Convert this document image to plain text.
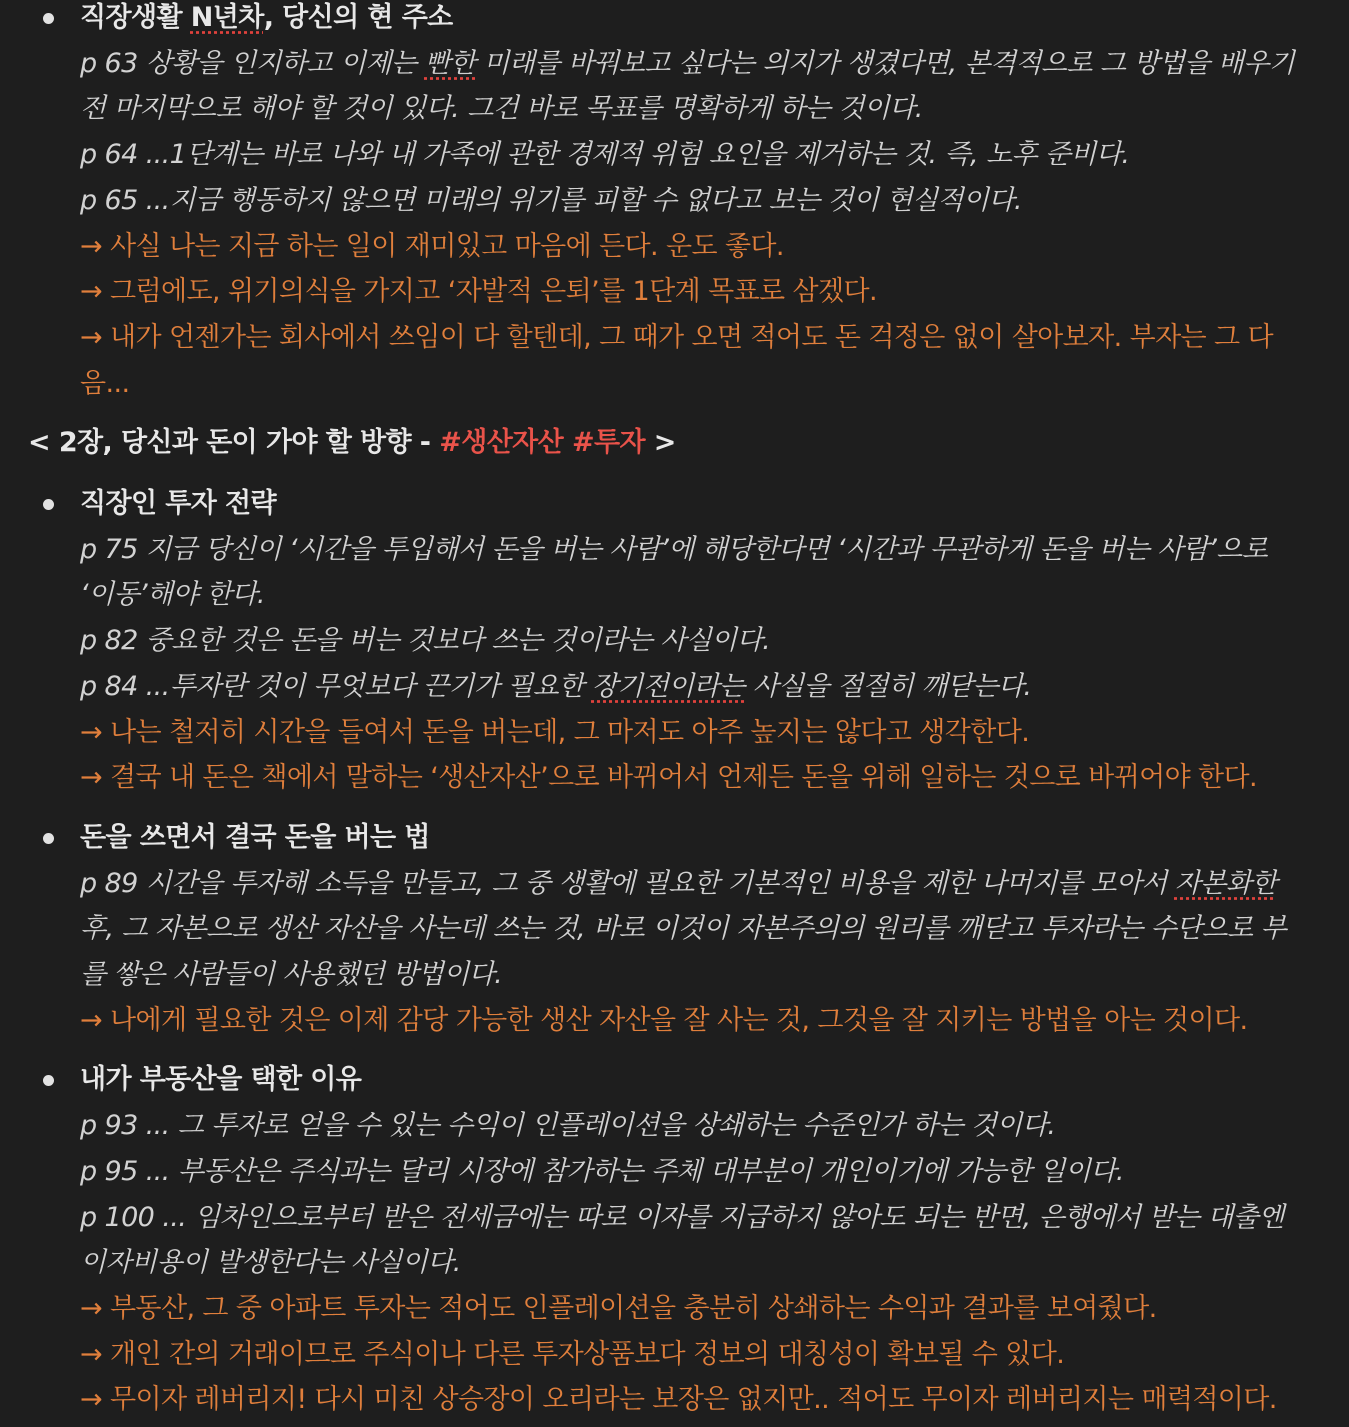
직장생활 N년차, 당신의 현 주소
p 63 상황을 인지하고 이제는 빤한 미래를 바꿔보고 싶다는 의지가 생겼다면, 본격적으로 그 방법을 배우기
전 마지막으로 해야 할 것이 있다. 그건 바로 목표를 명확하게 하는 것이다.
p 64 ...1단계는 바로 나와 내 가족에 관한 경제적 위험 요인을 제거하는 것. 즉, 노후 준비다.
p 65 ...지금 행동하지 않으면 미래의 위기를 피할 수 없다고 보는 것이 현실적이다.
→ 사실 나는 지금 하는 일이 재미있고 마음에 든다. 운도 좋다.
→ 그럼에도, 위기의식을 가지고 ‘자발적 은퇴’를 1단계 목표로 삼겠다.
→ 내가 언젠가는 회사에서 쓰임이 다 할텐데, 그 때가 오면 적어도 돈 걱정은 없이 살아보자. 부자는 그 다
음...
< 2장, 당신과 돈이 가야 할 방향 - #생산자산 #투자 >
직장인 투자 전략
p 75 지금 당신이 ‘시간을 투입해서 돈을 버는 사람’에 해당한다면 ‘시간과 무관하게 돈을 버는 사람’으로
‘이동’해야 한다.
p 82 중요한 것은 돈을 버는 것보다 쓰는 것이라는 사실이다.
p 84 ...투자란 것이 무엇보다 끈기가 필요한 장기전이라는 사실을 절절히 깨닫는다.
→ 나는 철저히 시간을 들여서 돈을 버는데, 그 마저도 아주 높지는 않다고 생각한다.
→ 결국 내 돈은 책에서 말하는 ‘생산자산’으로 바뀌어서 언제든 돈을 위해 일하는 것으로 바뀌어야 한다.
돈을 쓰면서 결국 돈을 버는 법
p 89 시간을 투자해 소득을 만들고, 그 중 생활에 필요한 기본적인 비용을 제한 나머지를 모아서 자본화한
후, 그 자본으로 생산 자산을 사는데 쓰는 것, 바로 이것이 자본주의의 원리를 깨닫고 투자라는 수단으로 부
를 쌓은 사람들이 사용했던 방법이다.
→ 나에게 필요한 것은 이제 감당 가능한 생산 자산을 잘 사는 것, 그것을 잘 지키는 방법을 아는 것이다.
내가 부동산을 택한 이유
p 93 ... 그 투자로 얻을 수 있는 수익이 인플레이션을 상쇄하는 수준인가 하는 것이다.
p 95 ... 부동산은 주식과는 달리 시장에 참가하는 주체 대부분이 개인이기에 가능한 일이다.
p 100 ... 임차인으로부터 받은 전세금에는 따로 이자를 지급하지 않아도 되는 반면, 은행에서 받는 대출엔
이자비용이 발생한다는 사실이다.
→ 부동산, 그 중 아파트 투자는 적어도 인플레이션을 충분히 상쇄하는 수익과 결과를 보여줬다.
→ 개인 간의 거래이므로 주식이나 다른 투자상품보다 정보의 대칭성이 확보될 수 있다.
→ 무이자 레버리지! 다시 미친 상승장이 오리라는 보장은 없지만.. 적어도 무이자 레버리지는 매력적이다.
